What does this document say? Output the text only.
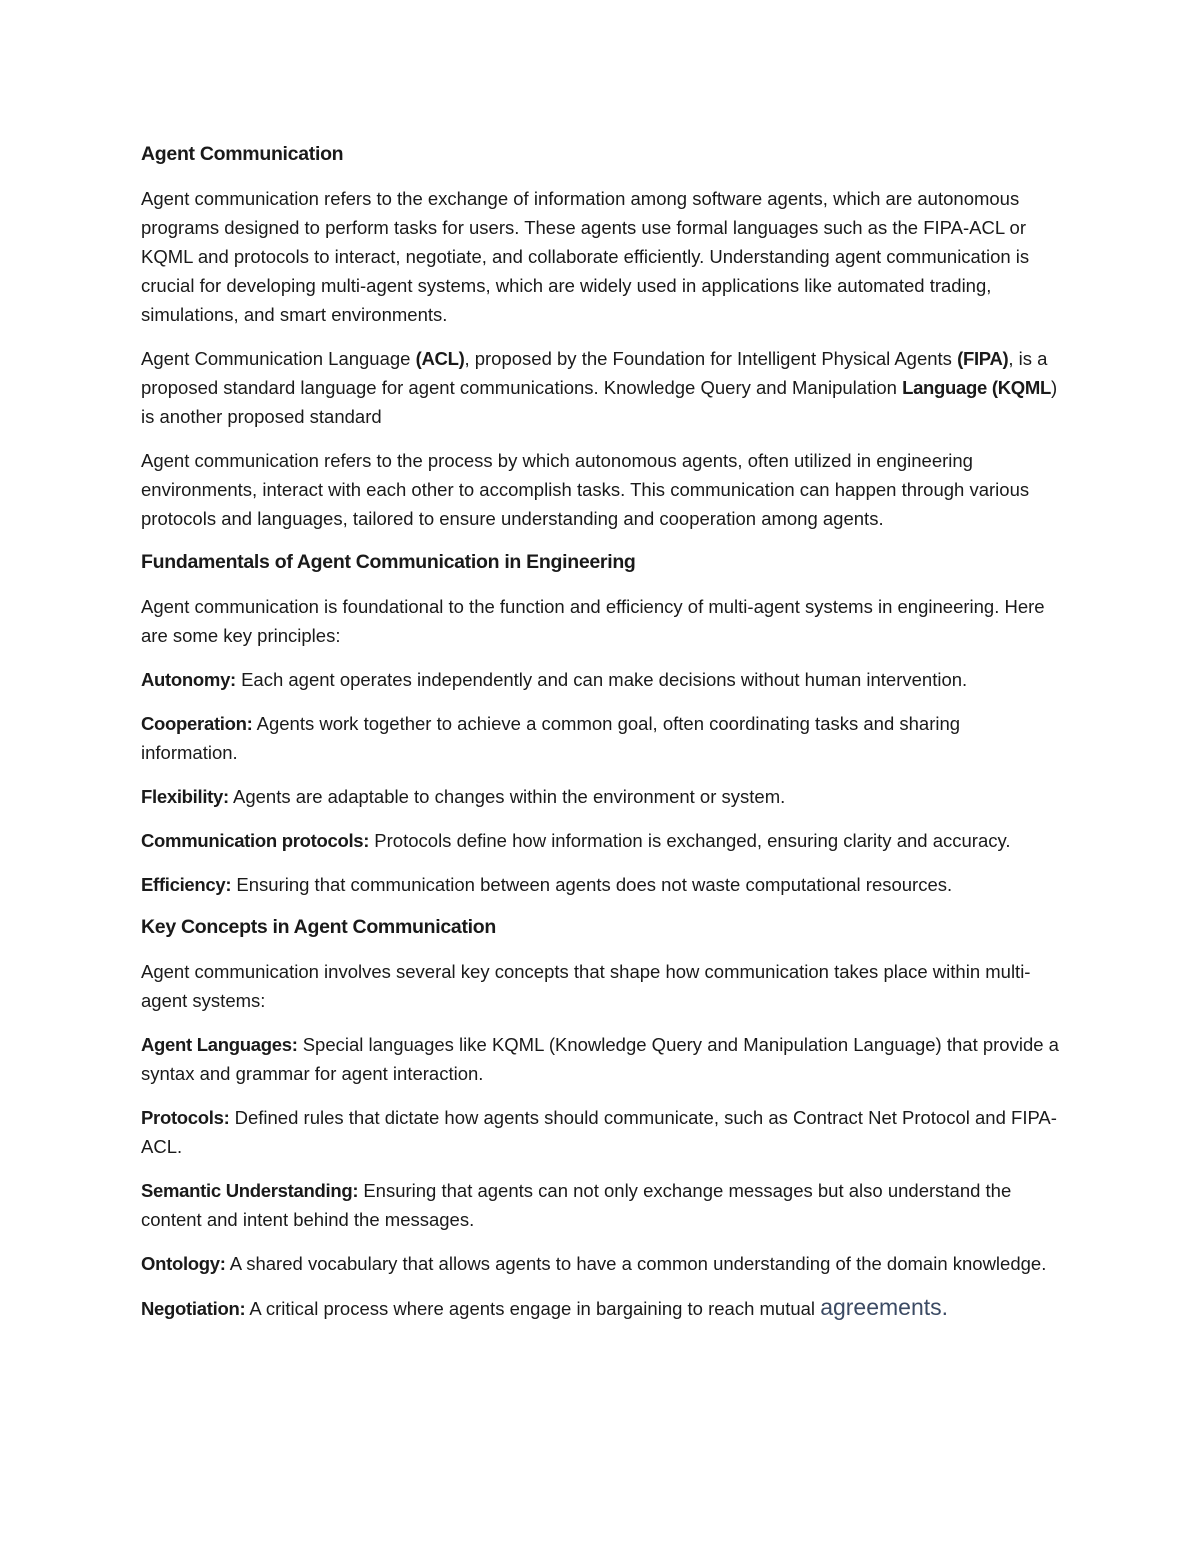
Agent Communication

Agent communication refers to the exchange of information among software agents, which are autonomous programs designed to perform tasks for users. These agents use formal languages such as the FIPA-ACL or KQML and protocols to interact, negotiate, and collaborate efficiently. Understanding agent communication is crucial for developing multi-agent systems, which are widely used in applications like automated trading, simulations, and smart environments.

Agent Communication Language (ACL), proposed by the Foundation for Intelligent Physical Agents (FIPA), is a proposed standard language for agent communications. Knowledge Query and Manipulation Language (KQML) is another proposed standard

Agent communication refers to the process by which autonomous agents, often utilized in engineering environments, interact with each other to accomplish tasks. This communication can happen through various protocols and languages, tailored to ensure understanding and cooperation among agents.

Fundamentals of Agent Communication in Engineering

Agent communication is foundational to the function and efficiency of multi-agent systems in engineering. Here are some key principles:

Autonomy: Each agent operates independently and can make decisions without human intervention.

Cooperation: Agents work together to achieve a common goal, often coordinating tasks and sharing information.

Flexibility: Agents are adaptable to changes within the environment or system.

Communication protocols: Protocols define how information is exchanged, ensuring clarity and accuracy.

Efficiency: Ensuring that communication between agents does not waste computational resources.

Key Concepts in Agent Communication

Agent communication involves several key concepts that shape how communication takes place within multi-agent systems:

Agent Languages: Special languages like KQML (Knowledge Query and Manipulation Language) that provide a syntax and grammar for agent interaction.

Protocols: Defined rules that dictate how agents should communicate, such as Contract Net Protocol and FIPA-ACL.

Semantic Understanding: Ensuring that agents can not only exchange messages but also understand the content and intent behind the messages.

Ontology: A shared vocabulary that allows agents to have a common understanding of the domain knowledge.

Negotiation: A critical process where agents engage in bargaining to reach mutual agreements.
